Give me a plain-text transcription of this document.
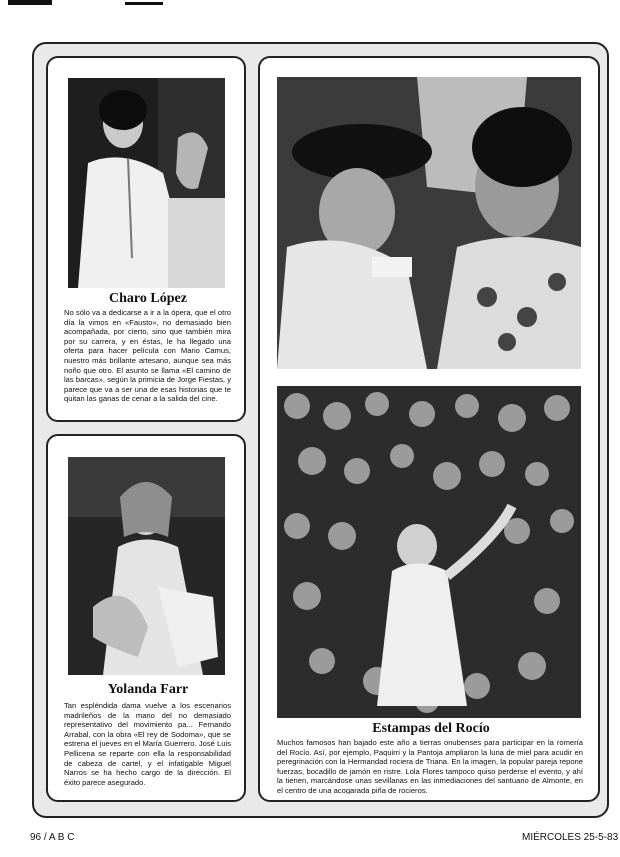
Charo López

No sólo va a dedicarse a ir a la ópera, que el otro día la vimos en «Fausto», no demasiado bien acompañada, por cierto, sino que también mira por su carrera, y en éstas, le ha llegado una oferta para hacer película con Mario Camus, nuestro más brillante artesano, aunque sea más noño que otro. El asunto se llama «El camino de las barcas», según la primicia de Jorge Fiestas, y parece que va a ser una de esas historias que te quitan las ganas de cenar a la salida del cine.

Yolanda Farr

Tan espléndida dama vuelve a los escenarios madrileños de la mano del no demasiado representativo del movimiento pa... Fernando Arrabal, con la obra «El rey de Sodoma», que se estrena el jueves en el María Guerrero. José Luis Pellicena se reparte con ella la responsabilidad de cabeza de cartel, y el infatigable Miguel Narros se ha hecho cargo de la dirección. El éxito parece asegurado.

Estampas del Rocío

Muchos famosos han bajado este año a tierras onubenses para participar en la romería del Rocío. Así, por ejemplo, Paquirri y la Pantoja ampliaron la luna de miel para acudir en peregrinación con la Hermandad rociera de Triana. En la imagen, la popular pareja repone fuerzas, bocadillo de jamón en ristre. Lola Flores tampoco quiso perderse el evento, y ahí la tienen, marcándose unas sevillanas en las inmediaciones del santuario de Almonte, en el centro de una acogarada piña de rocieros.

96 / A B C	MIÉRCOLES 25-5-83
